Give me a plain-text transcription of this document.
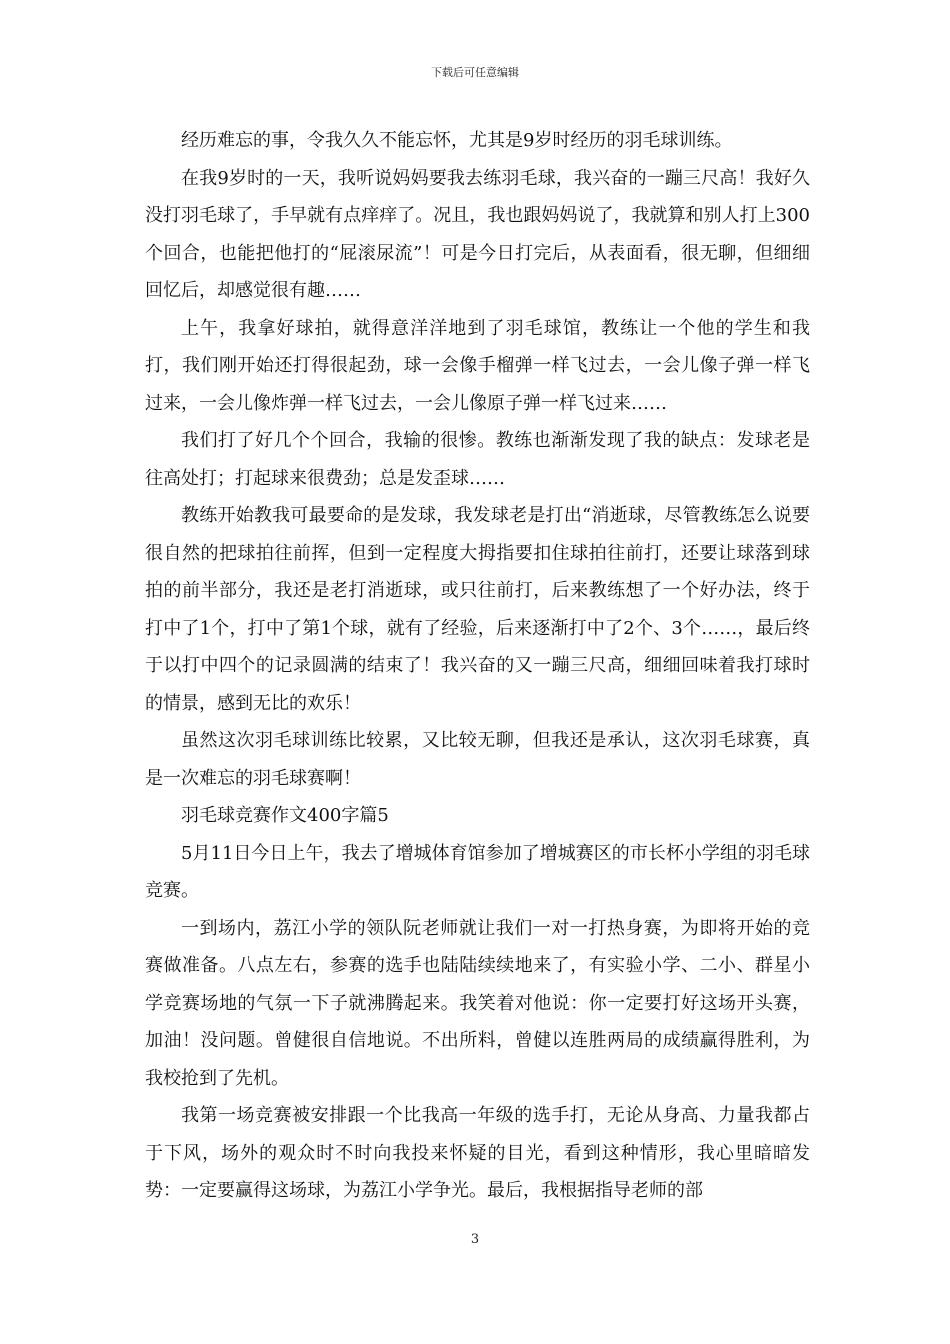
下载后可任意编辑

经历难忘的事，令我久久不能忘怀，尤其是9岁时经历的羽毛球训练。

在我9岁时的一天，我听说妈妈要我去练羽毛球，我兴奋的一蹦三尺高！我好久没打羽毛球了，手早就有点痒痒了。况且，我也跟妈妈说了，我就算和别人打上300个回合，也能把他打的“屁滚尿流”！可是今日打完后，从表面看，很无聊，但细细回忆后，却感觉很有趣……

上午，我拿好球拍，就得意洋洋地到了羽毛球馆，教练让一个他的学生和我打，我们刚开始还打得很起劲，球一会像手榴弹一样飞过去，一会儿像子弹一样飞过来，一会儿像炸弹一样飞过去，一会儿像原子弹一样飞过来……

我们打了好几个个回合，我输的很惨。教练也渐渐发现了我的缺点：发球老是往高处打；打起球来很费劲；总是发歪球……

教练开始教我可最要命的是发球，我发球老是打出“消逝球，尽管教练怎么说要很自然的把球拍往前挥，但到一定程度大拇指要扣住球拍往前打，还要让球落到球拍的前半部分，我还是老打消逝球，或只往前打，后来教练想了一个好办法，终于打中了1个，打中了第1个球，就有了经验，后来逐渐打中了2个、3个……，最后终于以打中四个的记录圆满的结束了！我兴奋的又一蹦三尺高，细细回味着我打球时的情景，感到无比的欢乐！

虽然这次羽毛球训练比较累，又比较无聊，但我还是承认，这次羽毛球赛，真是一次难忘的羽毛球赛啊！

羽毛球竞赛作文400字篇5

5月11日今日上午，我去了增城体育馆参加了增城赛区的市长杯小学组的羽毛球竞赛。

一到场内，荔江小学的领队阮老师就让我们一对一打热身赛，为即将开始的竞赛做准备。八点左右，参赛的选手也陆陆续续地来了，有实验小学、二小、群星小学竞赛场地的气氛一下子就沸腾起来。我笑着对他说：你一定要打好这场开头赛，加油！没问题。曾健很自信地说。不出所料，曾健以连胜两局的成绩赢得胜利，为我校抢到了先机。

我第一场竞赛被安排跟一个比我高一年级的选手打，无论从身高、力量我都占于下风，场外的观众时不时向我投来怀疑的目光，看到这种情形，我心里暗暗发势：一定要赢得这场球，为荔江小学争光。最后，我根据指导老师的部

3
